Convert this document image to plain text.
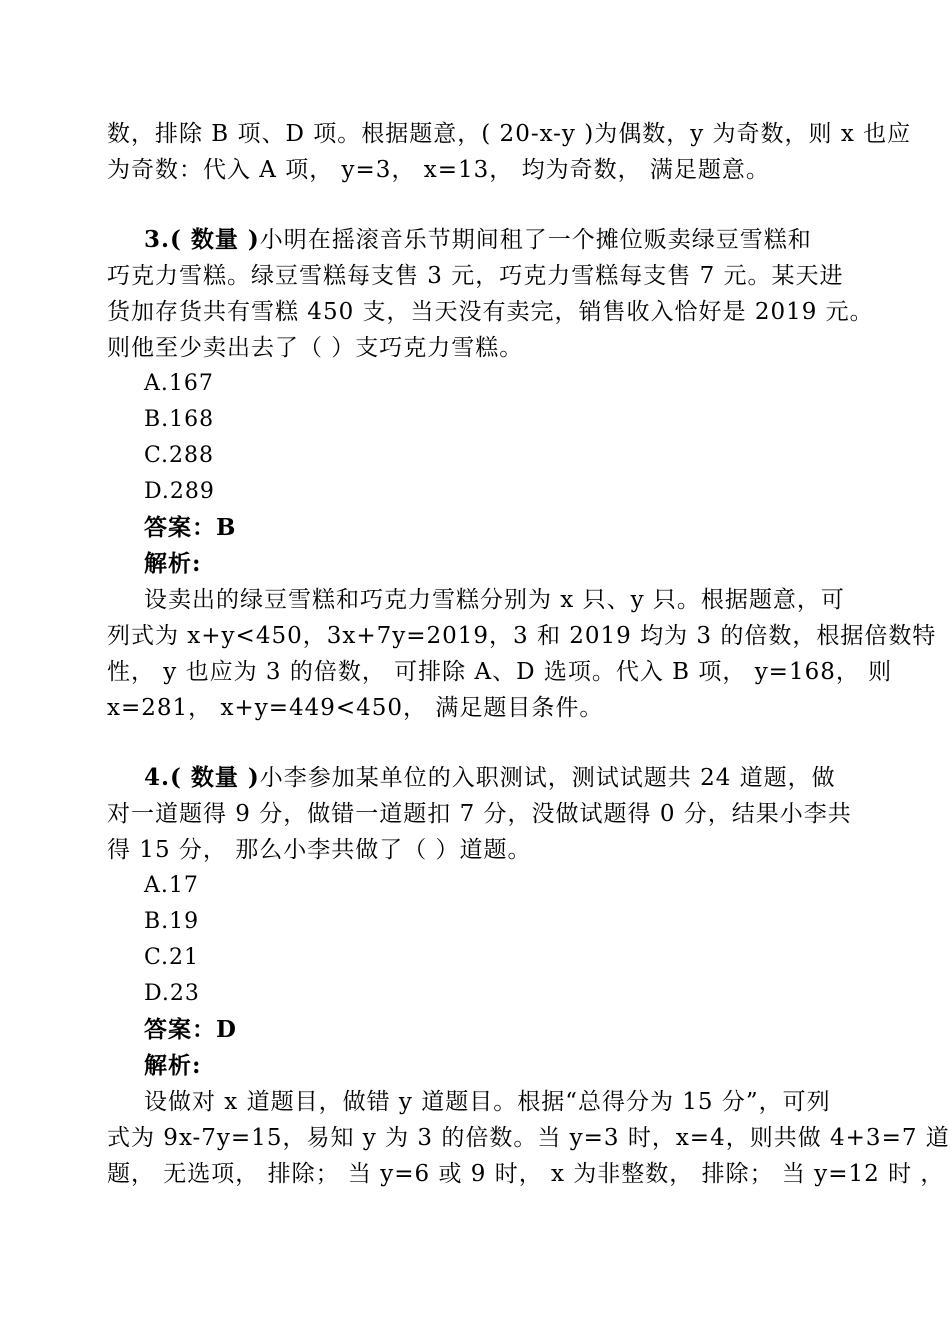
数，排除 B 项、D 项。根据题意，( 20-x-y )为偶数，y 为奇数，则 x 也应
为奇数：代入 A 项， y=3， x=13， 均为奇数， 满足题意。
3.( 数量 )小明在摇滚音乐节期间租了一个摊位贩卖绿豆雪糕和
巧克力雪糕。绿豆雪糕每支售 3 元，巧克力雪糕每支售 7 元。某天进
货加存货共有雪糕 450 支，当天没有卖完，销售收入恰好是 2019 元。
则他至少卖出去了（ ）支巧克力雪糕。
A.167
B.168
C.288
D.289
答案：B
解析:
设卖出的绿豆雪糕和巧克力雪糕分别为 x 只、y 只。根据题意，可
列式为 x+y<450，3x+7y=2019，3 和 2019 均为 3 的倍数，根据倍数特
性， y 也应为 3 的倍数， 可排除 A、D 选项。代入 B 项， y=168， 则
x=281， x+y=449<450， 满足题目条件。
4.( 数量 )小李参加某单位的入职测试，测试试题共 24 道题，做
对一道题得 9 分，做错一道题扣 7 分，没做试题得 0 分，结果小李共
得 15 分， 那么小李共做了（ ）道题。
A.17
B.19
C.21
D.23
答案：D
解析:
设做对 x 道题目，做错 y 道题目。根据“总得分为 15 分”，可列
式为 9x-7y=15，易知 y 为 3 的倍数。当 y=3 时，x=4，则共做 4+3=7 道
题， 无选项， 排除； 当 y=6 或 9 时， x 为非整数， 排除； 当 y=12 时 ，
